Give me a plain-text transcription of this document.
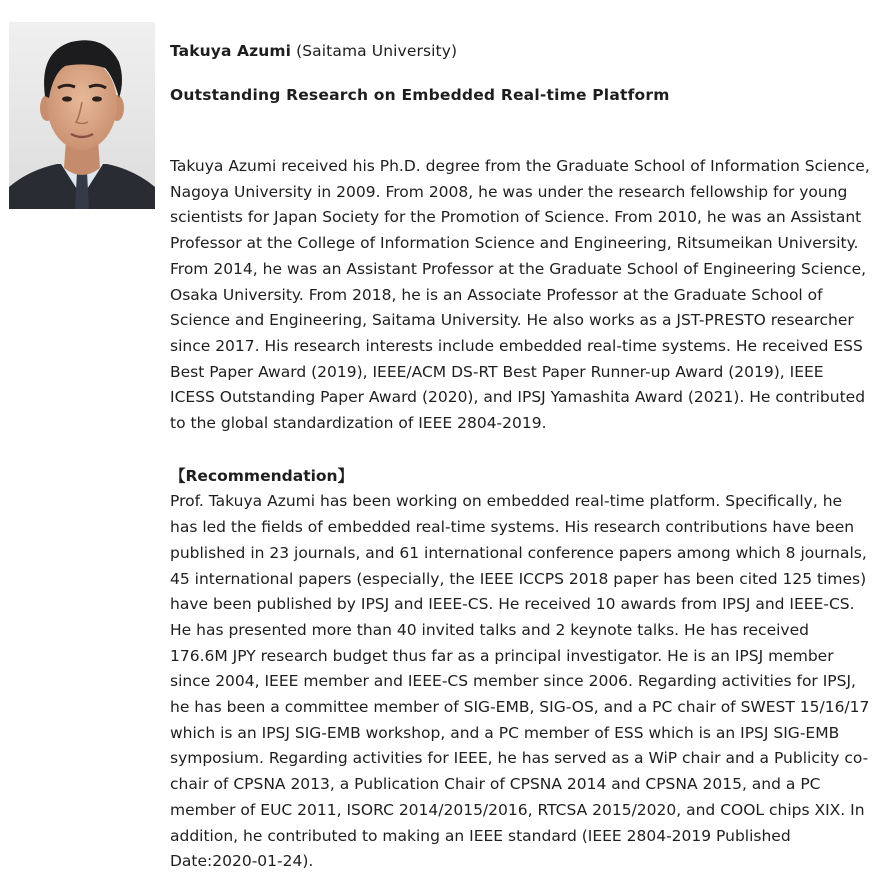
Takuya Azumi (Saitama University)

Outstanding Research on Embedded Real-time Platform

Takuya Azumi received his Ph.D. degree from the Graduate School of Information Science, Nagoya University in 2009. From 2008, he was under the research fellowship for young scientists for Japan Society for the Promotion of Science. From 2010, he was an Assistant Professor at the College of Information Science and Engineering, Ritsumeikan University. From 2014, he was an Assistant Professor at the Graduate School of Engineering Science, Osaka University. From 2018, he is an Associate Professor at the Graduate School of Science and Engineering, Saitama University. He also works as a JST-PRESTO researcher since 2017. His research interests include embedded real-time systems. He received ESS Best Paper Award (2019), IEEE/ACM DS-RT Best Paper Runner-up Award (2019), IEEE ICESS Outstanding Paper Award (2020), and IPSJ Yamashita Award (2021). He contributed to the global standardization of IEEE 2804-2019.

【Recommendation】

Prof. Takuya Azumi has been working on embedded real-time platform. Specifically, he has led the fields of embedded real-time systems. His research contributions have been published in 23 journals, and 61 international conference papers among which 8 journals, 45 international papers (especially, the IEEE ICCPS 2018 paper has been cited 125 times) have been published by IPSJ and IEEE-CS. He received 10 awards from IPSJ and IEEE-CS. He has presented more than 40 invited talks and 2 keynote talks. He has received 176.6M JPY research budget thus far as a principal investigator. He is an IPSJ member since 2004, IEEE member and IEEE-CS member since 2006. Regarding activities for IPSJ, he has been a committee member of SIG-EMB, SIG-OS, and a PC chair of SWEST 15/16/17 which is an IPSJ SIG-EMB workshop, and a PC member of ESS which is an IPSJ SIG-EMB symposium. Regarding activities for IEEE, he has served as a WiP chair and a Publicity co-chair of CPSNA 2013, a Publication Chair of CPSNA 2014 and CPSNA 2015, and a PC member of EUC 2011, ISORC 2014/2015/2016, RTCSA 2015/2020, and COOL chips XIX. In addition, he contributed to making an IEEE standard (IEEE 2804-2019 Published Date:2020-01-24).
